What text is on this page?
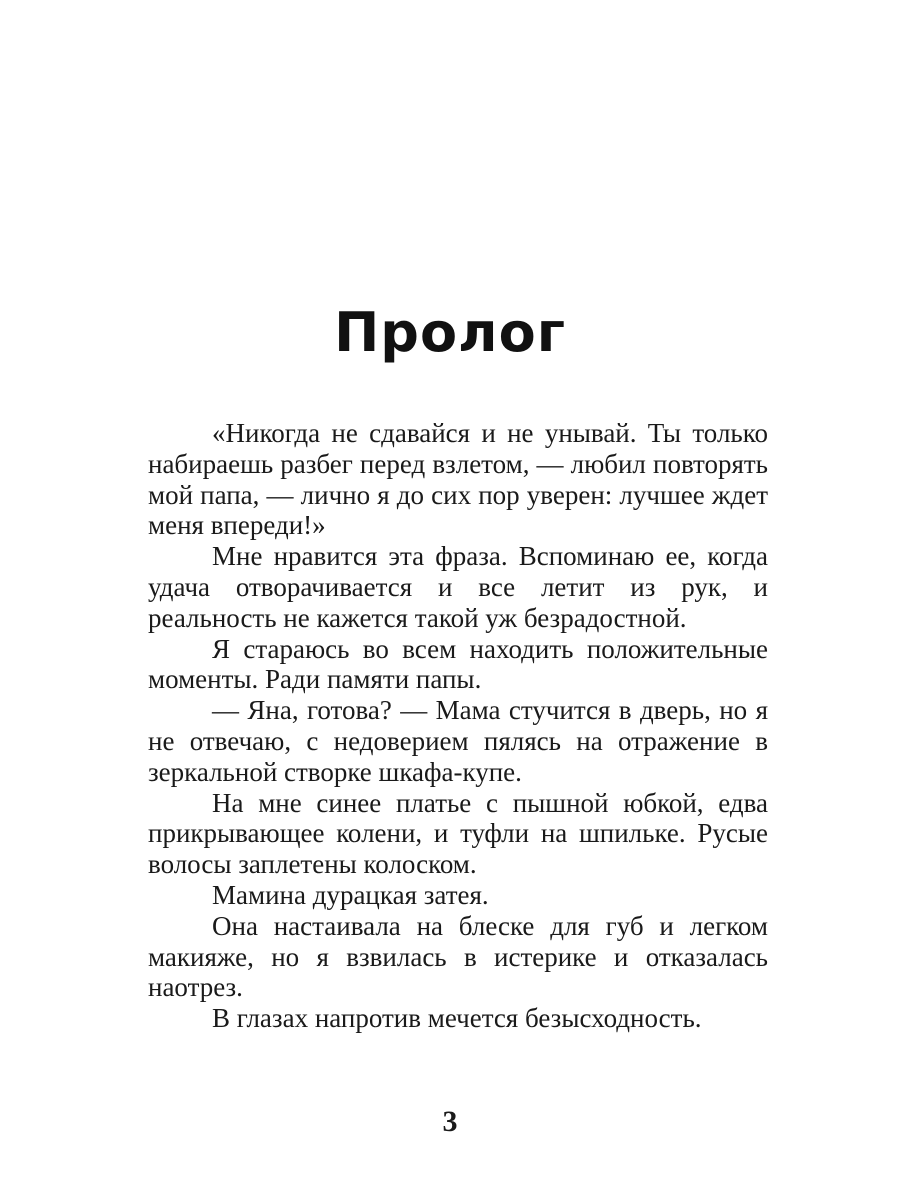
Пролог

«Никогда не сдавайся и не унывай. Ты только набираешь разбег перед взлетом, — любил повторять мой папа, — лично я до сих пор уверен: лучшее ждет меня впереди!»

Мне нравится эта фраза. Вспоминаю ее, когда удача отворачивается и все летит из рук, и реальность не кажется такой уж безрадостной.

Я стараюсь во всем находить положительные моменты. Ради памяти папы.

— Яна, готова? — Мама стучится в дверь, но я не отвечаю, с недоверием пялясь на отражение в зеркальной створке шкафа-купе.

На мне синее платье с пышной юбкой, едва прикрывающее колени, и туфли на шпильке. Русые волосы заплетены колоском.

Мамина дурацкая затея.

Она настаивала на блеске для губ и легком макияже, но я взвилась в истерике и отказалась наотрез.

В глазах напротив мечется безысходность.

3
